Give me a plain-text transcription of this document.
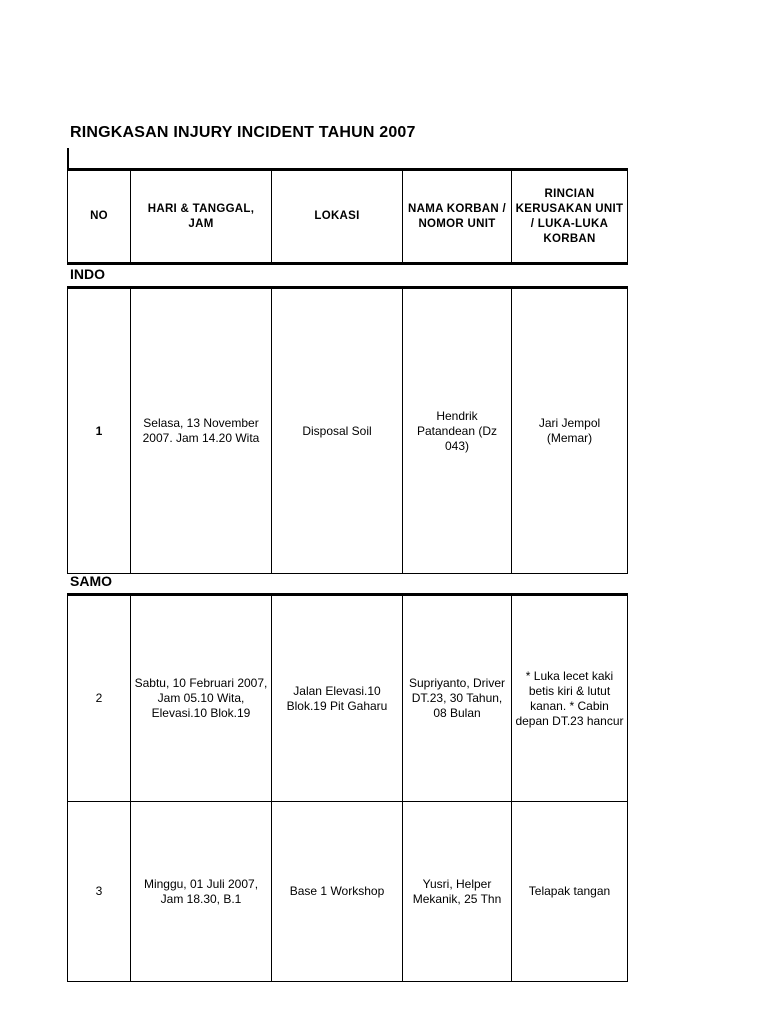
RINGKASAN INJURY INCIDENT TAHUN 2007
NO	HARI & TANGGAL, JAM	LOKASI	NAMA KORBAN / NOMOR UNIT	RINCIAN KERUSAKAN UNIT / LUKA-LUKA KORBAN
INDO
1	Selasa, 13 November 2007. Jam 14.20 Wita	Disposal Soil	Hendrik Patandean (Dz 043)	Jari Jempol (Memar)
SAMO
2	Sabtu, 10 Februari 2007, Jam 05.10 Wita, Elevasi.10 Blok.19	Jalan Elevasi.10 Blok.19 Pit Gaharu	Supriyanto, Driver DT.23, 30 Tahun, 08 Bulan	* Luka lecet kaki betis kiri & lutut kanan. * Cabin depan DT.23 hancur
3	Minggu, 01 Juli 2007, Jam 18.30, B.1	Base 1 Workshop	Yusri, Helper Mekanik, 25 Thn	Telapak tangan
